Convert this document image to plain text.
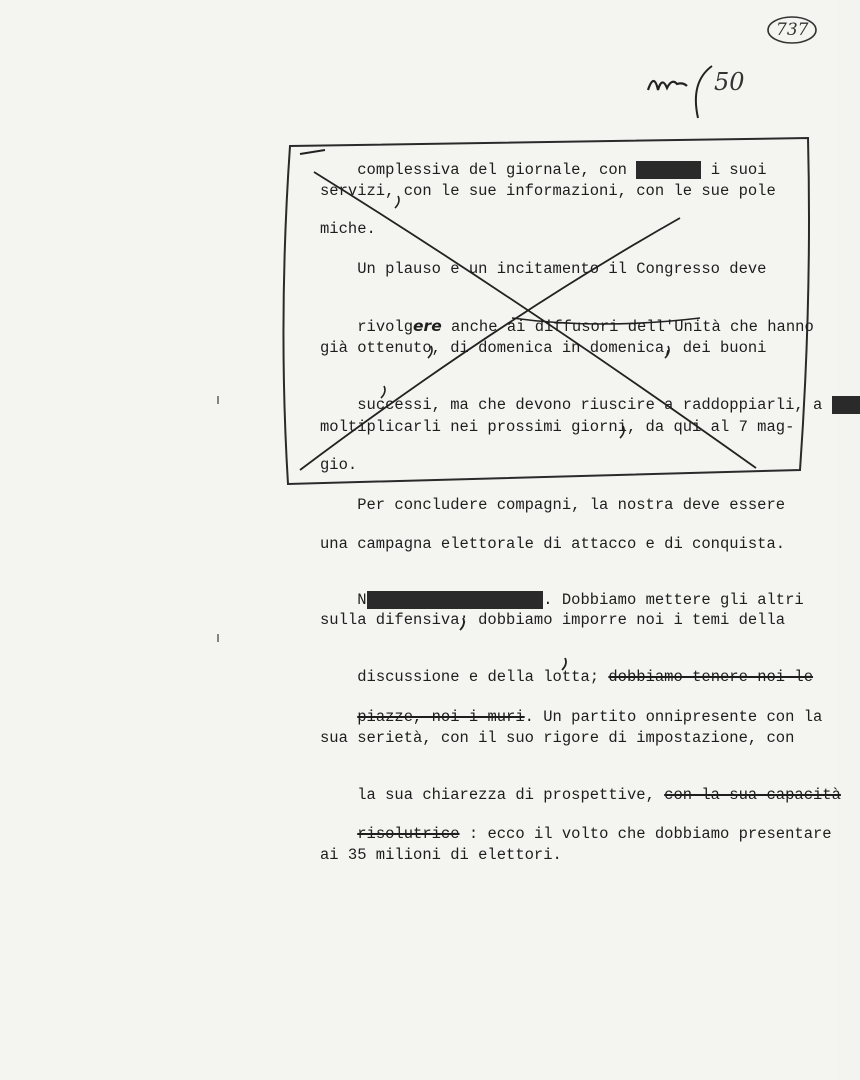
737
50

complessiva del giornale, con lexxoxo i suoi

servizi, con le sue informazioni, con le sue pole
miche.
Un plauso e un incitamento il Congresso deve

rivolgere anche ai diffusori dell'Unità che hanno

già ottenuto, di domenica in domenica, dei buoni

successi, ma che devono riuscire a raddoppiarli, a mol

moltiplicarli nei prossimi giorni, da qui al 7 mag-
gio.
Per concludere compagni, la nostra deve essere
una campagna elettorale di attacco e di conquista.

Nei giorni di piazza. Dobbiamo mettere gli altri

sulla difensiva; dobbiamo imporre noi i temi della

discussione e della lotta; dobbiamo tenere noi le

piazze, noi i muri. Un partito onnipresente con la

sua serietà, con il suo rigore di impostazione, con

la sua chiarezza di prospettive, con la sua capacità

risolutrice : ecco il volto che dobbiamo presentare

ai 35 milioni di elettori.
